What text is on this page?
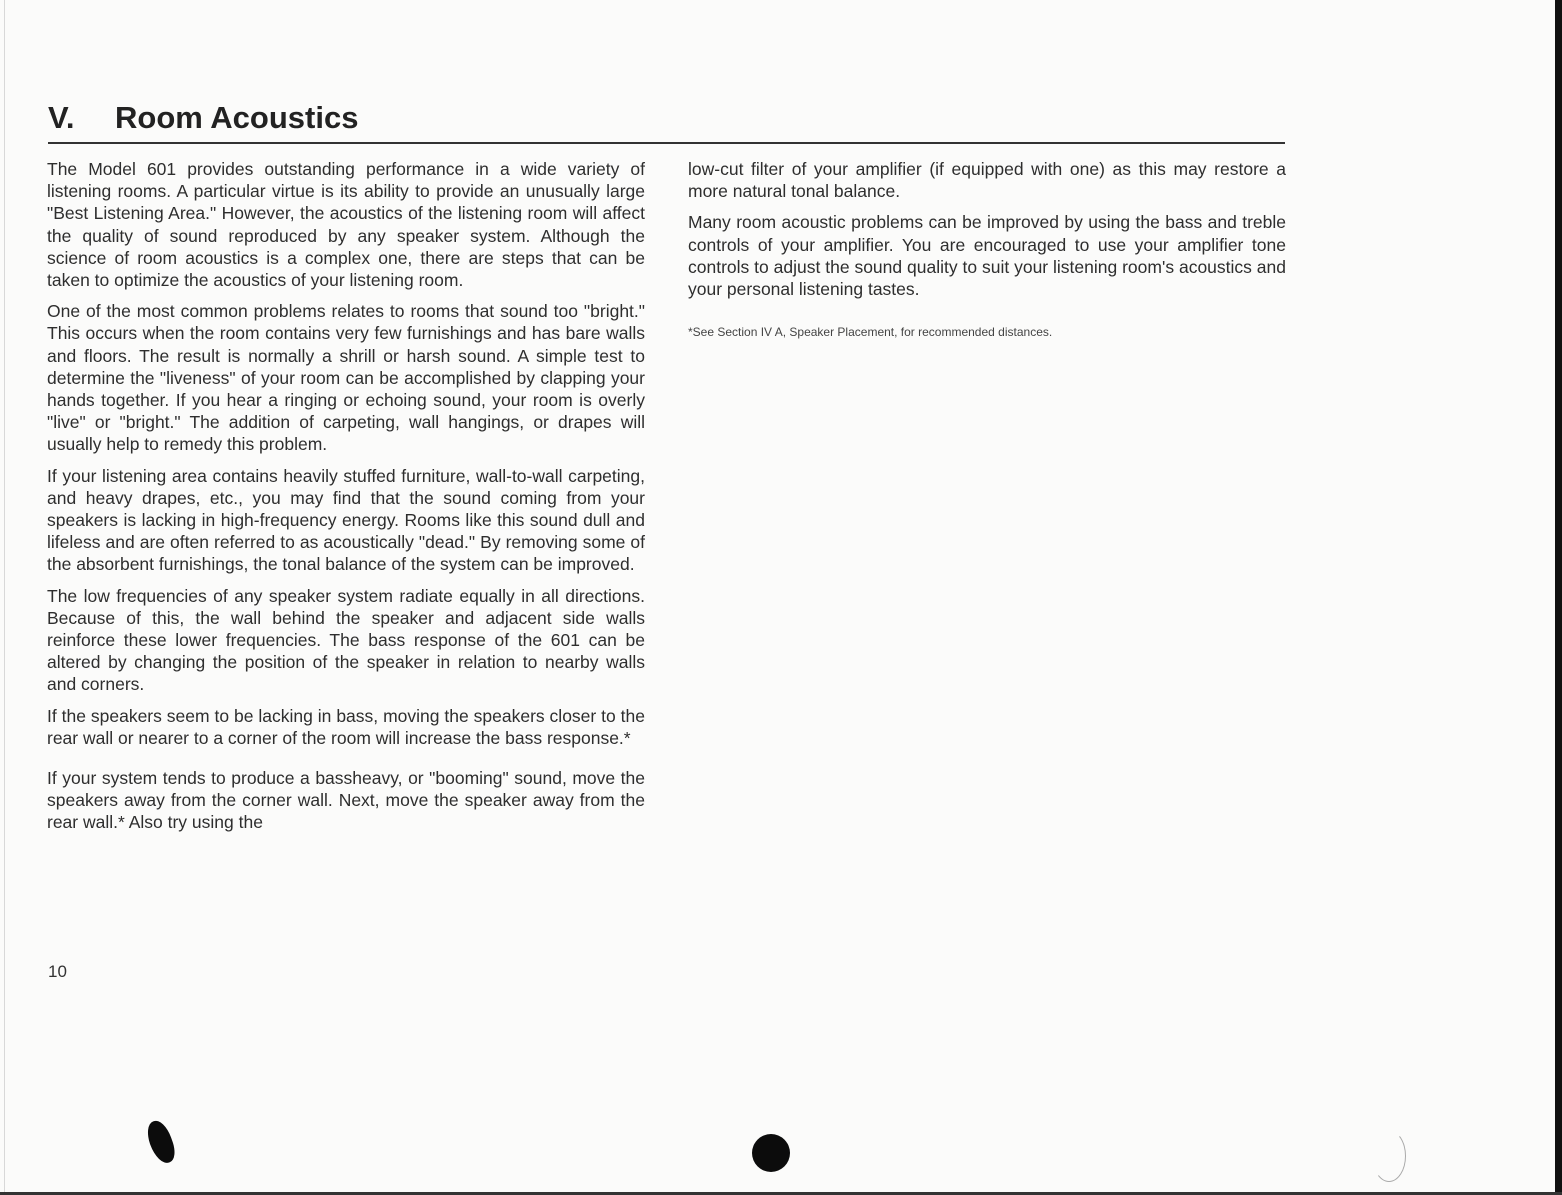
V. Room Acoustics

The Model 601 provides outstanding performance in a wide variety of listening rooms. A particular virtue is its ability to provide an unusually large "Best Listening Area." However, the acoustics of the listening room will affect the quality of sound reproduced by any speaker system. Although the science of room acoustics is a complex one, there are steps that can be taken to optimize the acoustics of your listening room.

One of the most common problems relates to rooms that sound too "bright." This occurs when the room contains very few furnishings and has bare walls and floors. The result is normally a shrill or harsh sound. A simple test to determine the "liveness" of your room can be accomplished by clapping your hands together. If you hear a ringing or echoing sound, your room is overly "live" or "bright." The addition of carpeting, wall hangings, or drapes will usually help to remedy this problem.

If your listening area contains heavily stuffed furniture, wall-to-wall carpeting, and heavy drapes, etc., you may find that the sound coming from your speakers is lacking in high-frequency energy. Rooms like this sound dull and lifeless and are often referred to as acoustically "dead." By removing some of the absorbent furnishings, the tonal balance of the system can be improved.

The low frequencies of any speaker system radiate equally in all directions. Because of this, the wall behind the speaker and adjacent side walls reinforce these lower frequencies. The bass response of the 601 can be altered by changing the position of the speaker in relation to nearby walls and corners.

If the speakers seem to be lacking in bass, moving the speakers closer to the rear wall or nearer to a corner of the room will increase the bass response.*

If your system tends to produce a bassheavy, or "booming" sound, move the speakers away from the corner wall. Next, move the speaker away from the rear wall.* Also try using the

low-cut filter of your amplifier (if equipped with one) as this may restore a more natural tonal balance.

Many room acoustic problems can be improved by using the bass and treble controls of your amplifier. You are encouraged to use your amplifier tone controls to adjust the sound quality to suit your listening room's acoustics and your personal listening tastes.

*See Section IV A, Speaker Placement, for recommended distances.

10
